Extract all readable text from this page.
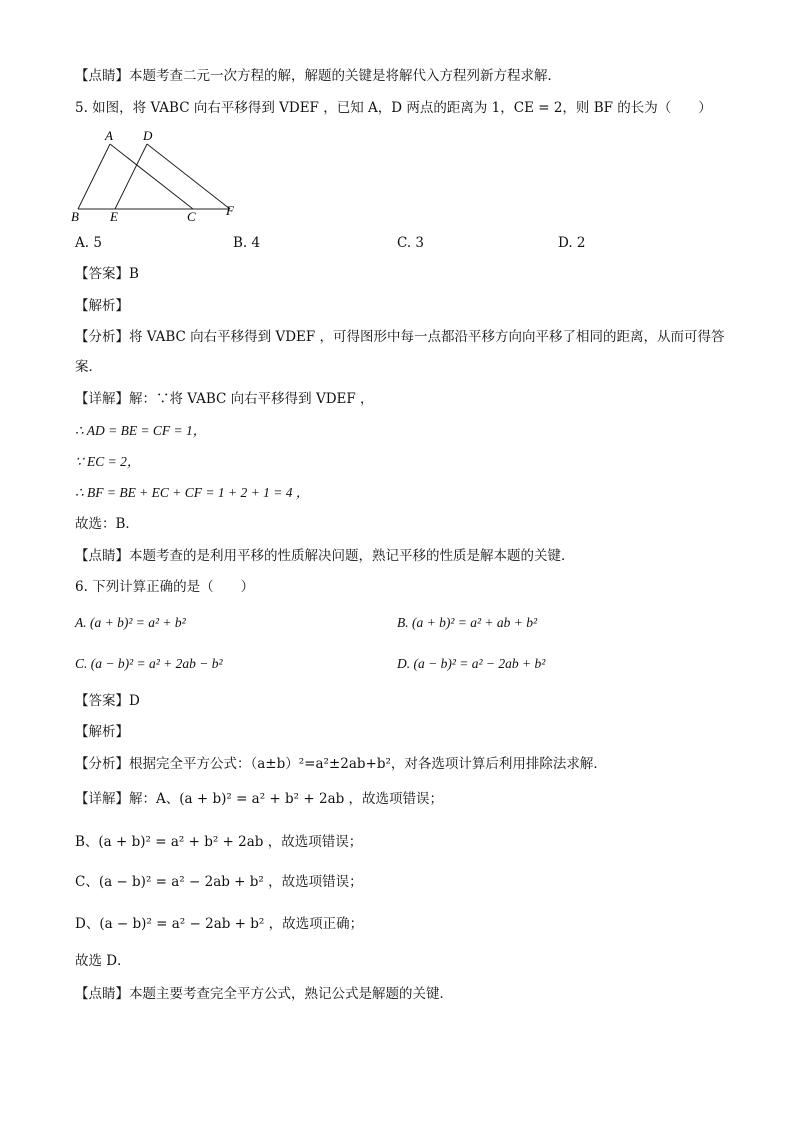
【点睛】本题考查二元一次方程的解，解题的关键是将解代入方程列新方程求解．
5. 如图，将 VABC 向右平移得到 VDEF ，已知 A，D 两点的距离为 1，CE = 2，则 BF 的长为（　　）
A D
B E	C F
A. 5	B. 4	C. 3	D. 2
【答案】B
【解析】
【分析】将 VABC 向右平移得到 VDEF ，可得图形中每一点都沿平移方向向平移了相同的距离，从而可得答
案．
【详解】解：∵将 VABC 向右平移得到 VDEF ，
∴ AD = BE = CF = 1，
∵ EC = 2，
∴ BF = BE + EC + CF = 1 + 2 + 1 = 4 ，
故选：B．
【点睛】本题考查的是利用平移的性质解决问题，熟记平移的性质是解本题的关键．
6. 下列计算正确的是（　　）
A. (a + b)² = a² + b²	B. (a + b)² = a² + ab + b²
C. (a − b)² = a² + 2ab − b²	D. (a − b)² = a² − 2ab + b²
【答案】D
【解析】
【分析】根据完全平方公式：（a±b）²=a²±2ab+b²，对各选项计算后利用排除法求解．
【详解】解：A、(a + b)² = a² + b² + 2ab ，故选项错误；
B、(a + b)² = a² + b² + 2ab ，故选项错误；
C、(a − b)² = a² − 2ab + b² ，故选项错误；
D、(a − b)² = a² − 2ab + b² ，故选项正确；
故选 D．
【点睛】本题主要考查完全平方公式，熟记公式是解题的关键．
